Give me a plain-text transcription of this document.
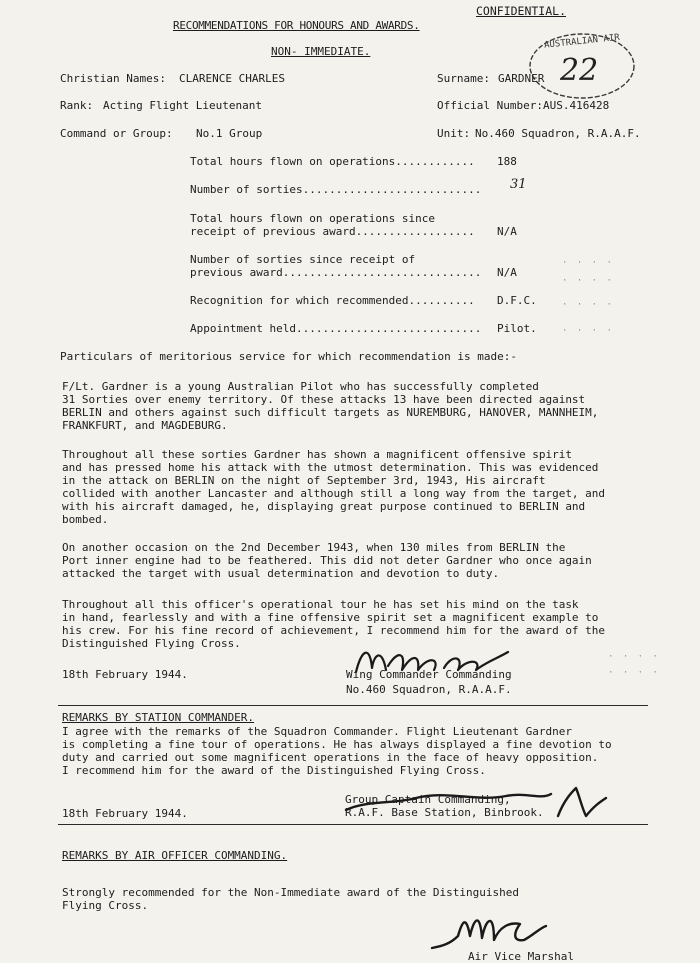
CONFIDENTIAL.
RECOMMENDATIONS FOR HONOURS AND AWARDS.
NON- IMMEDIATE.
AUSTRALIAN AIR
22
Christian Names: CLARENCE CHARLES	Surname: GARDNER
Rank: Acting Flight Lieutenant	Official Number: AUS.416428
Command or Group: No.1 Group	Unit: No.460 Squadron, R.A.A.F.
Total hours flown on operations............ 188
Number of sorties........................... 31
Total hours flown on operations since
receipt of previous award.................. N/A
Number of sorties since receipt of
previous award.............................. N/A
Recognition for which recommended.......... D.F.C.
Appointment held............................ Pilot.
· · · ·
· · · ·
· · · ·
· · · ·
· · · ·
· · · ·
Particulars of meritorious service for which recommendation is made:-
F/Lt. Gardner is a young Australian Pilot who has successfully completed
31 Sorties over enemy territory. Of these attacks 13 have been directed against
BERLIN and others against such difficult targets as NUREMBURG, HANOVER, MANNHEIM,
FRANKFURT, and MAGDEBURG.
Throughout all these sorties Gardner has shown a magnificent offensive spirit
and has pressed home his attack with the utmost determination. This was evidenced
in the attack on BERLIN on the night of September 3rd, 1943, His aircraft
collided with another Lancaster and although still a long way from the target, and
with his aircraft damaged, he, displaying great purpose continued to BERLIN and
bombed.
On another occasion on the 2nd December 1943, when 130 miles from BERLIN the
Port inner engine had to be feathered. This did not deter Gardner who once again
attacked the target with usual determination and devotion to duty.
Throughout all this officer's operational tour he has set his mind on the task
in hand, fearlessly and with a fine offensive spirit set a magnificent example to
his crew. For his fine record of achievement, I recommend him for the award of the
Distinguished Flying Cross.
18th February 1944.	Wing Commander Commanding
No.460 Squadron, R.A.A.F.
REMARKS BY STATION COMMANDER.
I agree with the remarks of the Squadron Commander. Flight Lieutenant Gardner
is completing a fine tour of operations. He has always displayed a fine devotion to
duty and carried out some magnificent operations in the face of heavy opposition.
I recommend him for the award of the Distinguished Flying Cross.
18th February 1944.
Group Captain Commanding,
R.A.F. Base Station, Binbrook.
REMARKS BY AIR OFFICER COMMANDING.
Strongly recommended for the Non-Immediate award of the Distinguished
Flying Cross.
Air Vice Marshal
